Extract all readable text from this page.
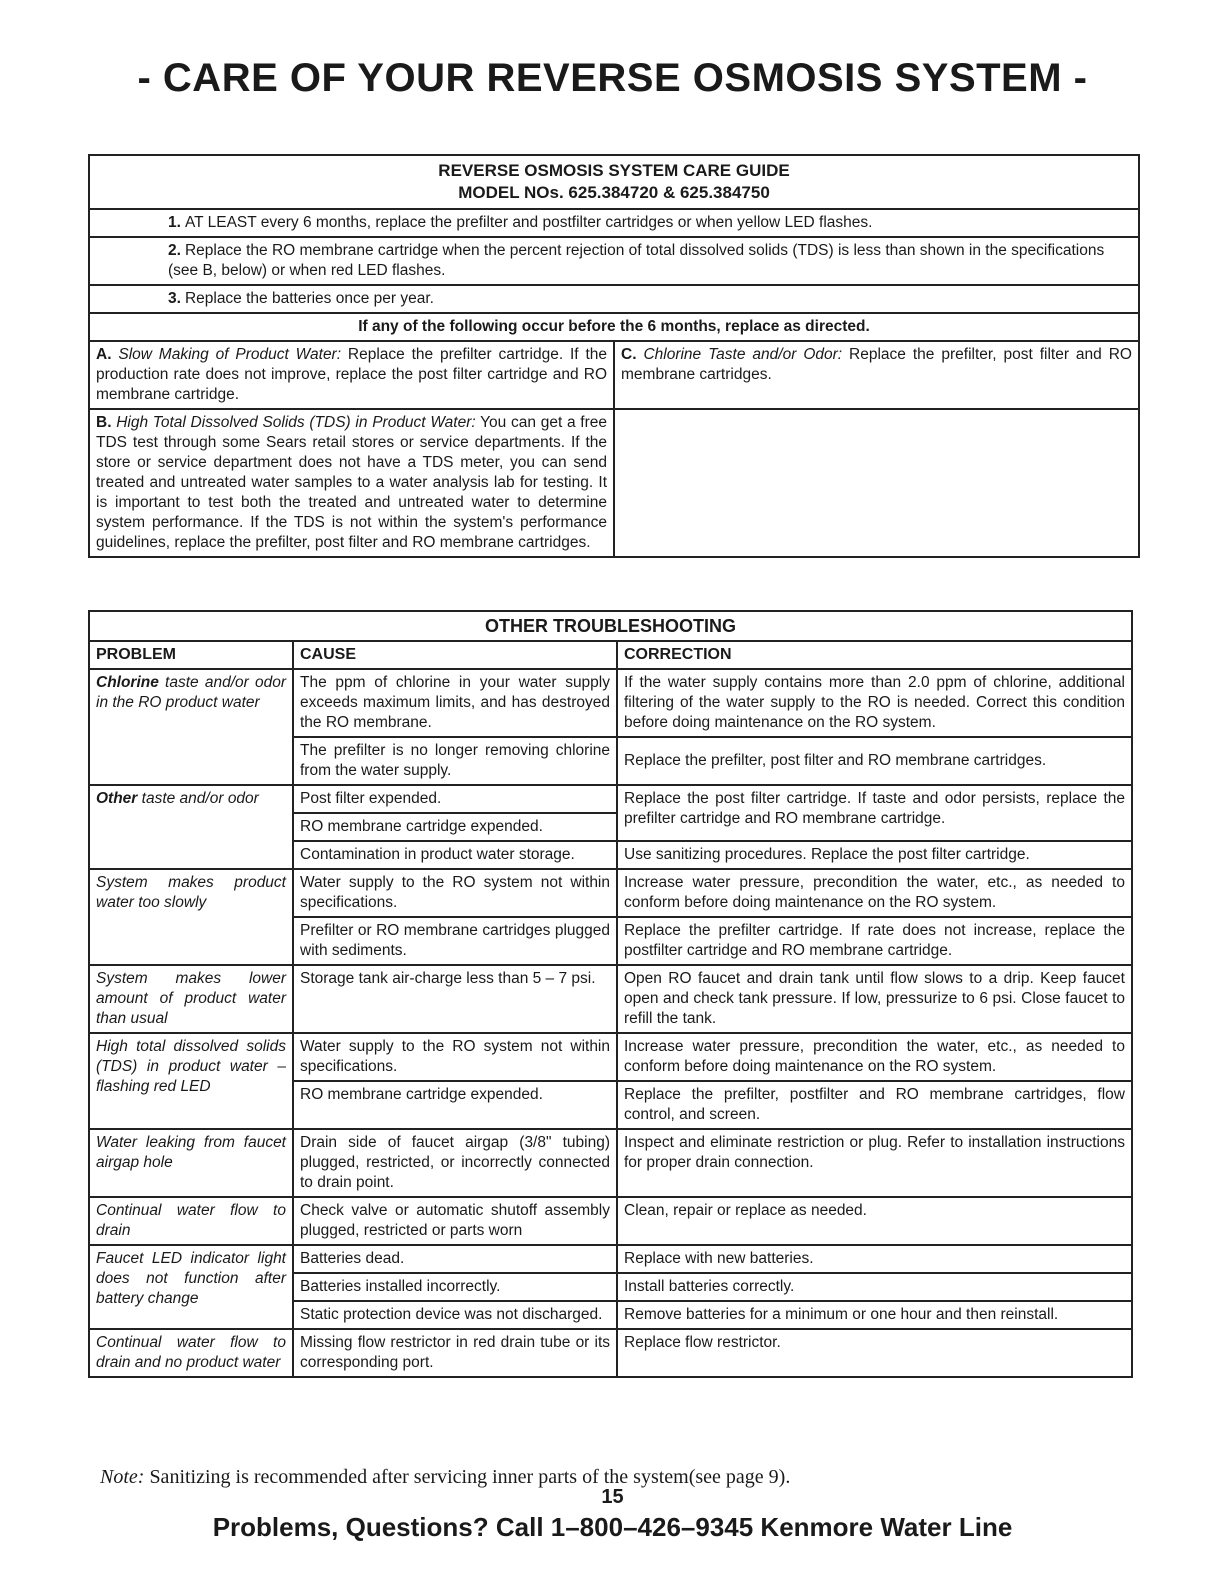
- CARE OF YOUR REVERSE OSMOSIS SYSTEM -
REVERSE OSMOSIS SYSTEM CARE GUIDE
MODEL NOs. 625.384720 & 625.384750	

1. AT LEAST every 6 months, replace the prefilter and postfilter cartridges or when yellow LED flashes.	
2. Replace the RO membrane cartridge when the percent rejection of total dissolved solids (TDS) is less than shown in the specifications (see B, below) or when red LED flashes.	
3. Replace the batteries once per year.	
If any of the following occur before the 6 months, replace as directed.	
A. Slow Making of Product Water: Replace the prefilter cartridge. If the production rate does not improve, replace the post filter cartridge and RO membrane cartridge.	C. Chlorine Taste and/or Odor: Replace the prefilter, post filter and RO membrane cartridges.
B. High Total Dissolved Solids (TDS) in Product Water: You can get a free TDS test through some Sears retail stores or service departments. If the store or service department does not have a TDS meter, you can send treated and untreated water samples to a water analysis lab for testing. It is important to test both the treated and untreated water to determine system performance. If the TDS is not within the system's performance guidelines, replace the prefilter, post filter and RO membrane cartridges.	
OTHER TROUBLESHOOTING		
PROBLEM	CAUSE	CORRECTION
Chlorine taste and/or odor in the RO product water	The ppm of chlorine in your water supply exceeds maximum limits, and has destroyed the RO membrane.	If the water supply contains more than 2.0 ppm of chlorine, additional filtering of the water supply to the RO is needed. Correct this condition before doing maintenance on the RO system.
	The prefilter is no longer removing chlorine from the water supply.	Replace the prefilter, post filter and RO membrane cartridges.
Other taste and/or odor	Post filter expended.	Replace the post filter cartridge. If taste and odor persists, replace the prefilter cartridge and RO membrane cartridge.
	RO membrane cartridge expended.	
	Contamination in product water storage.	Use sanitizing procedures. Replace the post filter cartridge.
System makes product water too slowly	Water supply to the RO system not within specifications.	Increase water pressure, precondition the water, etc., as needed to conform before doing maintenance on the RO system.
	Prefilter or RO membrane cartridges plugged with sediments.	Replace the prefilter cartridge. If rate does not increase, replace the postfilter cartridge and RO membrane cartridge.
System makes lower amount of product water than usual	Storage tank air-charge less than 5 – 7 psi.	Open RO faucet and drain tank until flow slows to a drip. Keep faucet open and check tank pressure. If low, pressurize to 6 psi. Close faucet to refill the tank.
High total dissolved solids (TDS) in product water – flashing red LED	Water supply to the RO system not within specifications.	Increase water pressure, precondition the water, etc., as needed to conform before doing maintenance on the RO system.
	RO membrane cartridge expended.	Replace the prefilter, postfilter and RO membrane cartridges, flow control, and screen.
Water leaking from faucet airgap hole	Drain side of faucet airgap (3/8" tubing) plugged, restricted, or incorrectly connected to drain point.	Inspect and eliminate restriction or plug. Refer to installation instructions for proper drain connection.
Continual water flow to drain	Check valve or automatic shutoff assembly plugged, restricted or parts worn	Clean, repair or replace as needed.
Faucet LED indicator light does not function after battery change	Batteries dead.	Replace with new batteries.
	Batteries installed incorrectly.	Install batteries correctly.
	Static protection device was not discharged.	Remove batteries for a minimum or one hour and then reinstall.
Continual water flow to drain and no product water	Missing flow restrictor in red drain tube or its corresponding port.	Replace flow restrictor.
Note: Sanitizing is recommended after servicing inner parts of the system(see page 9).
15
Problems, Questions? Call 1–800–426–9345 Kenmore Water Line
